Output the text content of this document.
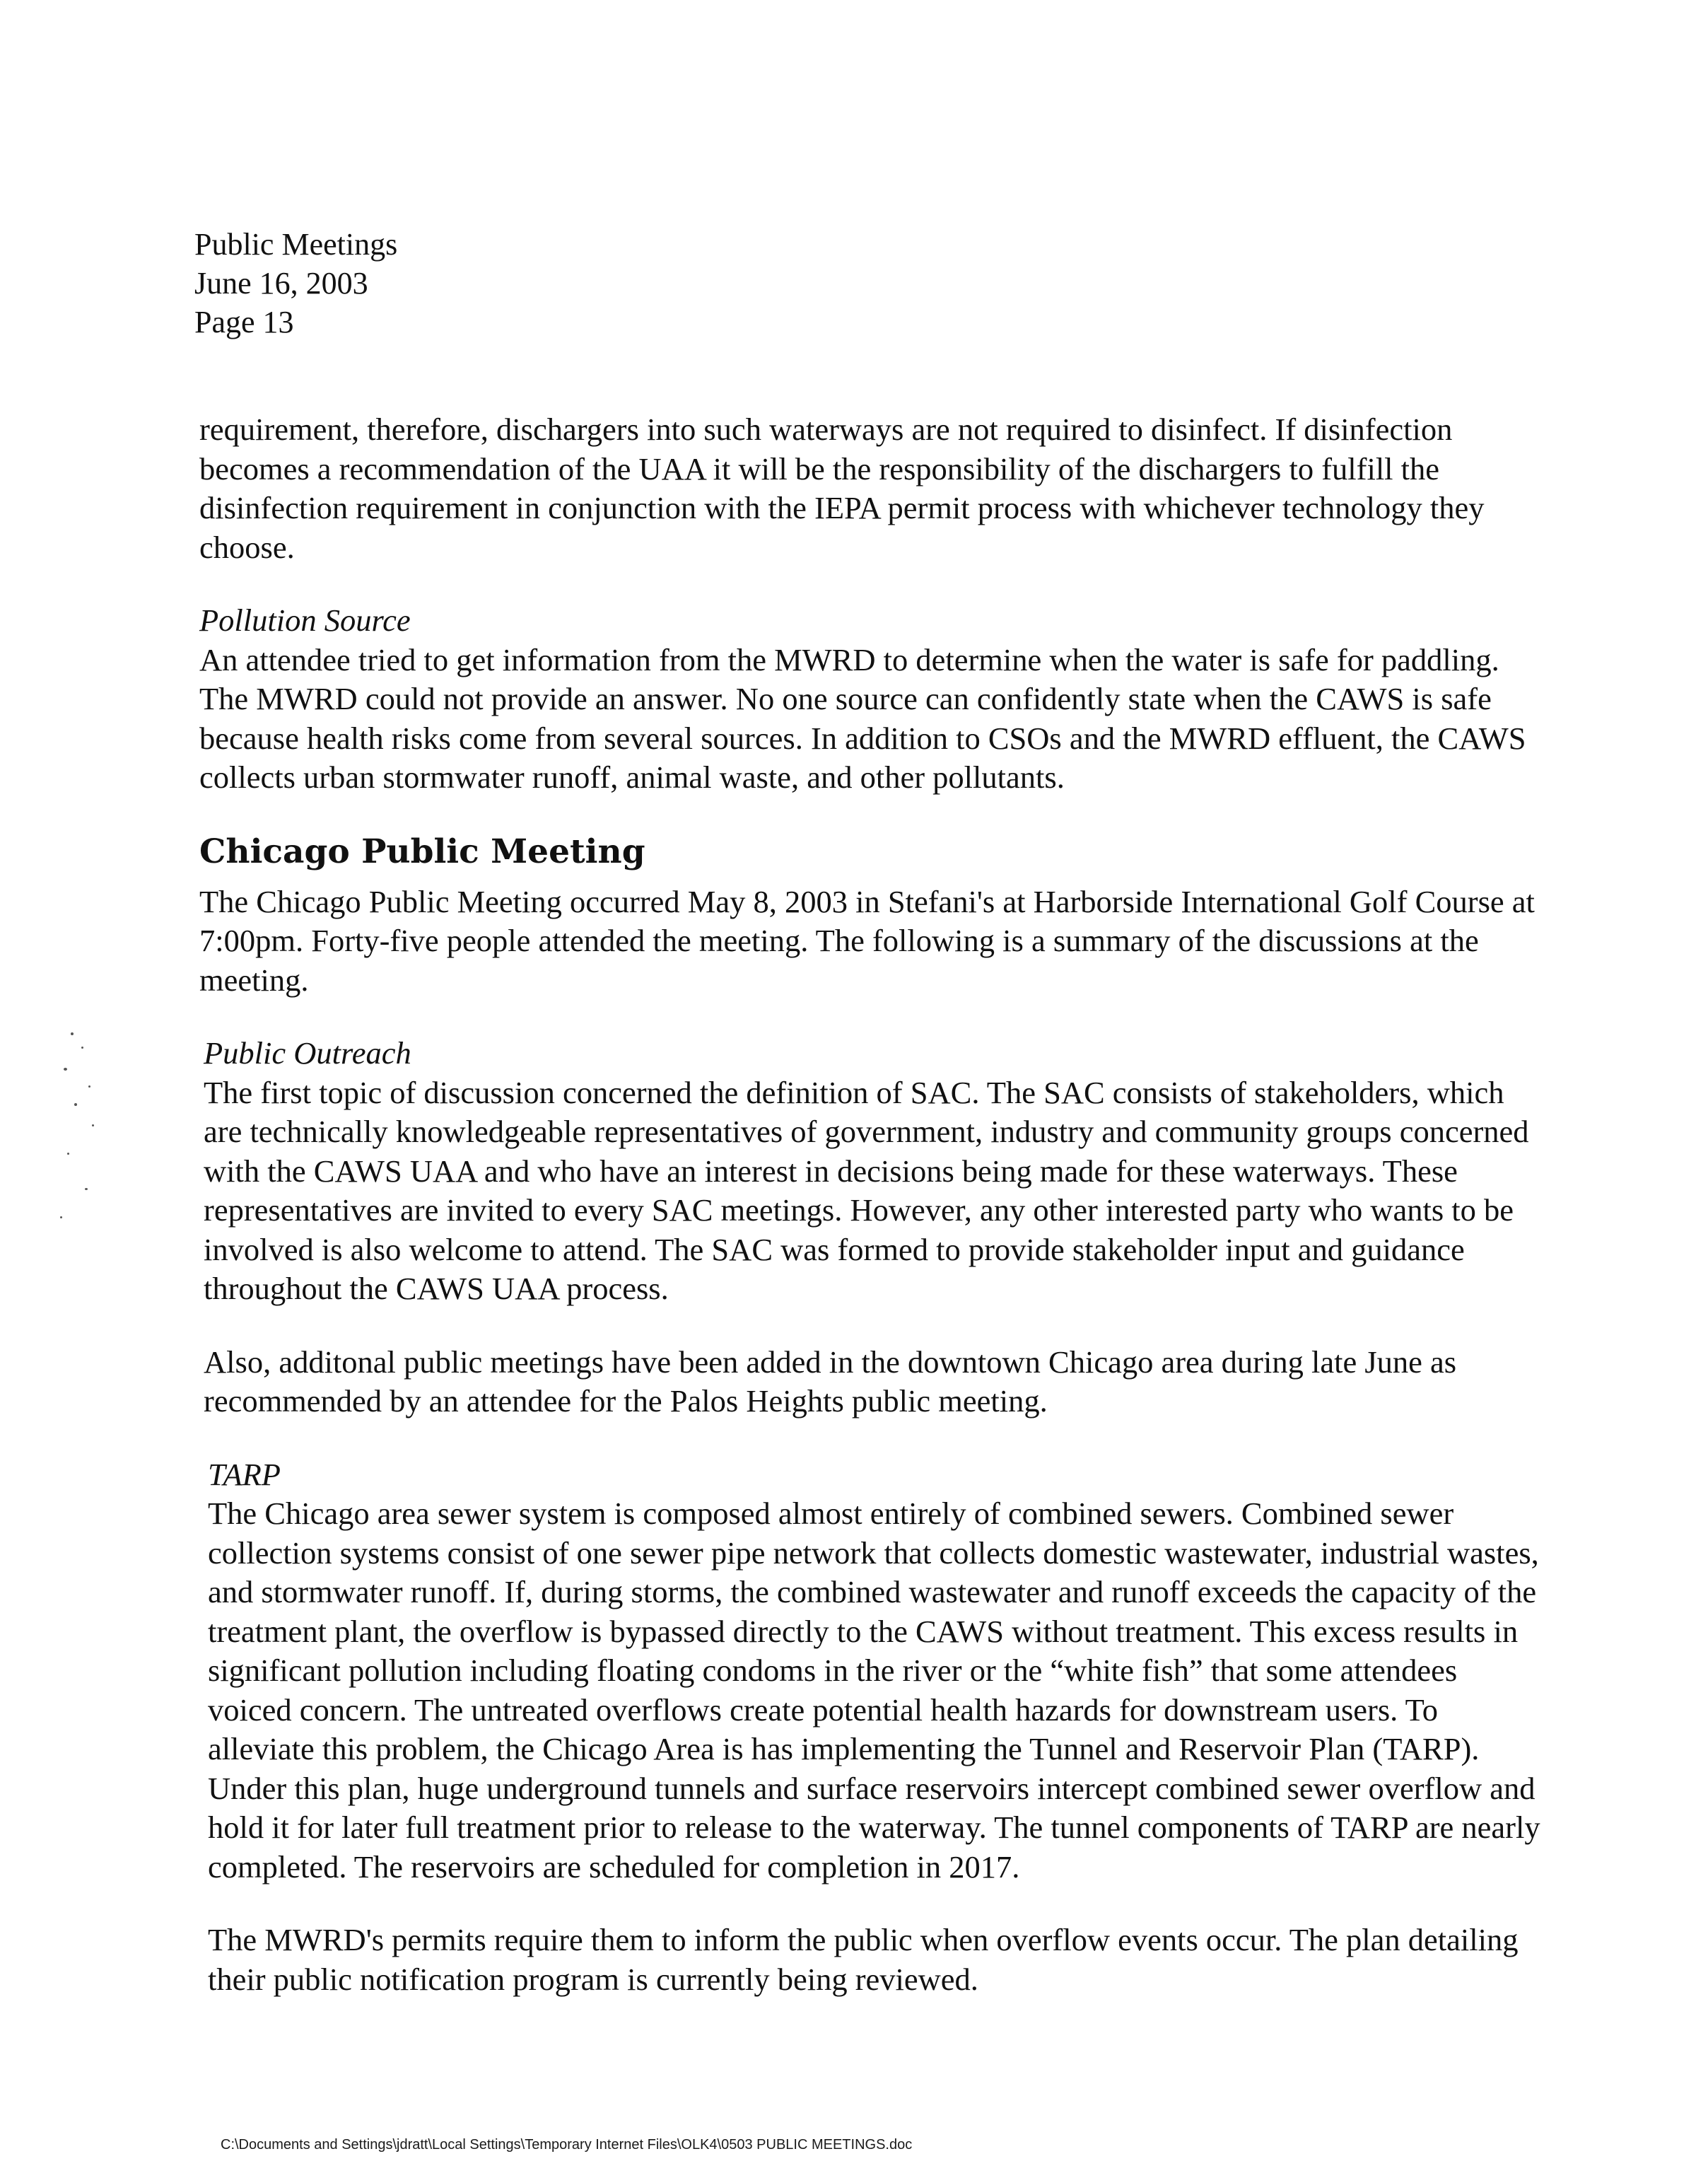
Public Meetings
June 16, 2003
Page 13

requirement, therefore, dischargers into such waterways are not required to disinfect. If disinfection becomes a recommendation of the UAA it will be the responsibility of the dischargers to fulfill the disinfection requirement in conjunction with the IEPA permit process with whichever technology they choose.

Pollution Source

An attendee tried to get information from the MWRD to determine when the water is safe for paddling. The MWRD could not provide an answer. No one source can confidently state when the CAWS is safe because health risks come from several sources. In addition to CSOs and the MWRD effluent, the CAWS collects urban stormwater runoff, animal waste, and other pollutants.

Chicago Public Meeting

The Chicago Public Meeting occurred May 8, 2003 in Stefani's at Harborside International Golf Course at 7:00pm. Forty-five people attended the meeting. The following is a summary of the discussions at the meeting.

Public Outreach

The first topic of discussion concerned the definition of SAC. The SAC consists of stakeholders, which are technically knowledgeable representatives of government, industry and community groups concerned with the CAWS UAA and who have an interest in decisions being made for these waterways. These representatives are invited to every SAC meetings. However, any other interested party who wants to be involved is also welcome to attend. The SAC was formed to provide stakeholder input and guidance throughout the CAWS UAA process.

Also, additonal public meetings have been added in the downtown Chicago area during late June as recommended by an attendee for the Palos Heights public meeting.

TARP

The Chicago area sewer system is composed almost entirely of combined sewers. Combined sewer collection systems consist of one sewer pipe network that collects domestic wastewater, industrial wastes, and stormwater runoff. If, during storms, the combined wastewater and runoff exceeds the capacity of the treatment plant, the overflow is bypassed directly to the CAWS without treatment. This excess results in significant pollution including floating condoms in the river or the “white fish” that some attendees voiced concern. The untreated overflows create potential health hazards for downstream users. To alleviate this problem, the Chicago Area is has implementing the Tunnel and Reservoir Plan (TARP). Under this plan, huge underground tunnels and surface reservoirs intercept combined sewer overflow and hold it for later full treatment prior to release to the waterway. The tunnel components of TARP are nearly completed. The reservoirs are scheduled for completion in 2017.

The MWRD's permits require them to inform the public when overflow events occur. The plan detailing their public notification program is currently being reviewed.

C:\Documents and Settings\jdratt\Local Settings\Temporary Internet Files\OLK4\0503 PUBLIC MEETINGS.doc
